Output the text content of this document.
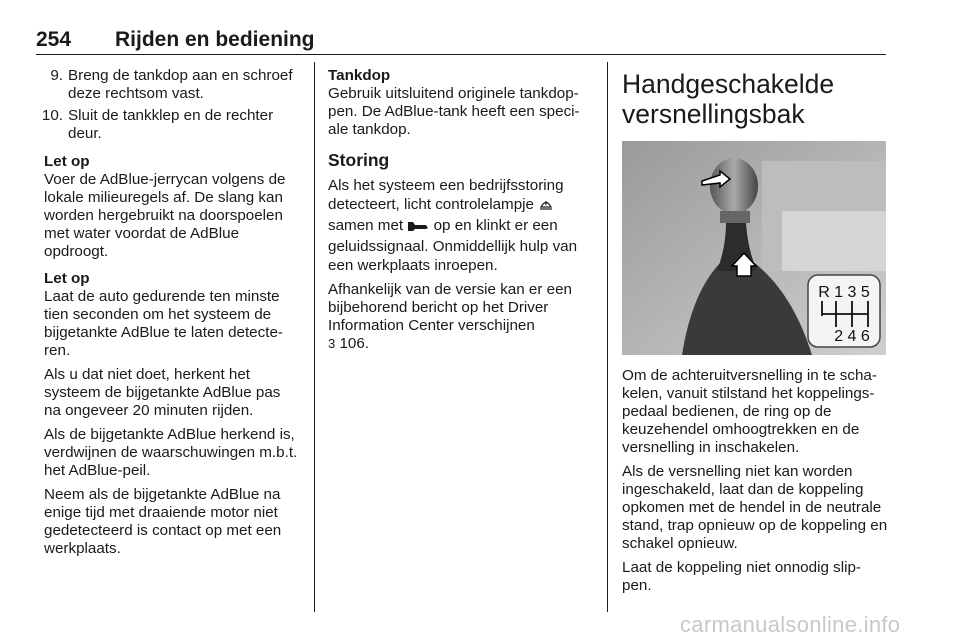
254 Rijden en bediening
9. Breng de tankdop aan en schroef deze rechtsom vast.
10. Sluit de tankklep en de rechter deur.
Let op
Voer de AdBlue-jerrycan volgens de lokale milieuregels af. De slang kan worden hergebruikt na doorspoelen met water voordat de AdBlue opdroogt.
Let op
Laat de auto gedurende ten minste tien seconden om het systeem de bijgetankte AdBlue te laten detecte-ren.
Als u dat niet doet, herkent het systeem de bijgetankte AdBlue pas na ongeveer 20 minuten rijden.
Als de bijgetankte AdBlue herkend is, verdwijnen de waarschuwingen m.b.t. het AdBlue-peil.
Neem als de bijgetankte AdBlue na enige tijd met draaiende motor niet gedetecteerd is contact op met een werkplaats.
Tankdop
Gebruik uitsluitend originele tankdop-pen. De AdBlue-tank heeft een speci-ale tankdop.
Storing
Als het systeem een bedrijfsstoring detecteert, licht controlelampje  samen met op en klinkt er een geluidssignaal. Onmiddellijk hulp van een werkplaats inroepen.
Afhankelijk van de versie kan er een bijbehorend bericht op het Driver Information Center verschijnen
3 106.
Handgeschakelde versnellingsbak
R 1 3 5
2 4 6
Om de achteruitversnelling in te scha-kelen, vanuit stilstand het koppelings-pedaal bedienen, de ring op de keuzehendel omhoogtrekken en de versnelling in inschakelen.
Als de versnelling niet kan worden ingeschakeld, laat dan de koppeling opkomen met de hendel in de neutrale stand, trap opnieuw op de koppeling en schakel opnieuw.
Laat de koppeling niet onnodig slip-pen.
carmanualsonline.info
